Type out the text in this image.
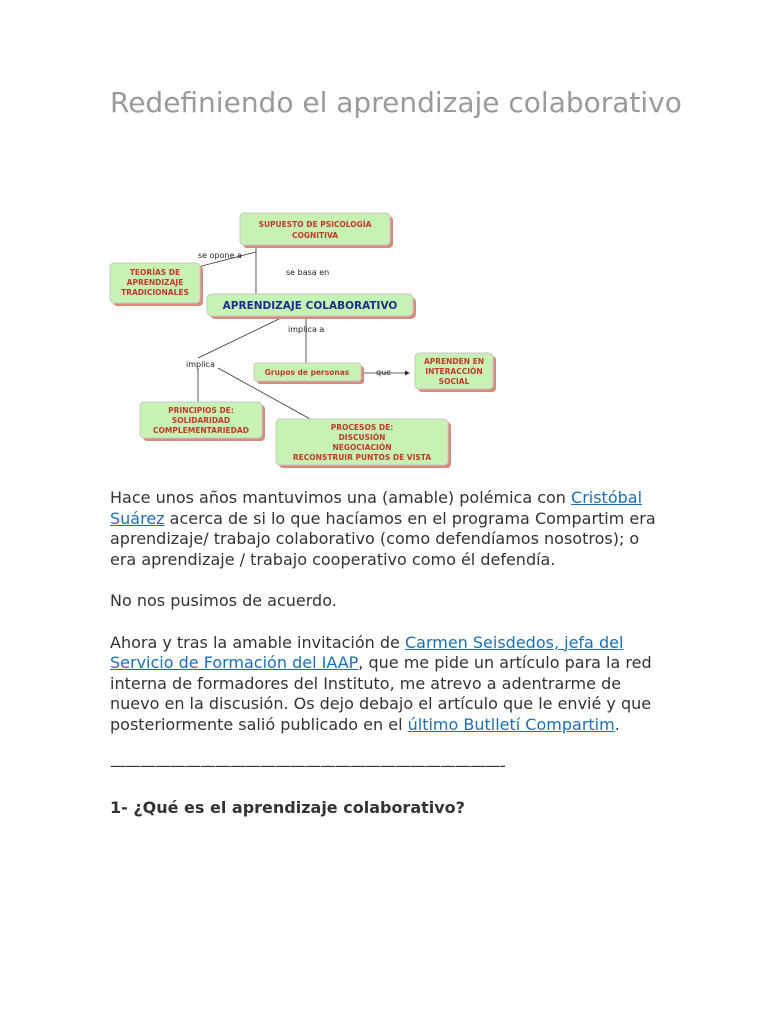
Redefiniendo el aprendizaje colaborativo
se opone a
se basa en
implica a
implica
que
SUPUESTO DE PSICOLOGÍA
COGNITIVA
TEORÍAS DE
APRENDIZAJE
TRADICIONALES
APRENDIZAJE COLABORATIVO
Grupos de personas
APRENDEN EN
INTERACCIÓN
SOCIAL
PRINCIPIOS DE:
SOLIDARIDAD
COMPLEMENTARIEDAD	PROCESOS DE:
DISCUSIÓN
NEGOCIACIÓN
RECONSTRUIR PUNTOS DE VISTA

Hace unos años mantuvimos una (amable) polémica con Cristóbal Suárez acerca de si lo que hacíamos en el programa Compartim era aprendizaje/ trabajo colaborativo (como defendíamos nosotros); o era aprendizaje / trabajo cooperativo como él defendía.

No nos pusimos de acuerdo.

Ahora y tras la amable invitación de Carmen Seisdedos, jefa del Servicio de Formación del IAAP, que me pide un artículo para la red interna de formadores del Instituto, me atrevo a adentrarme de nuevo en la discusión. Os dejo debajo el artículo que le envié y que posteriormente salió publicado en el último Butlletí Compartim.

——————————————————————————-

1- ¿Qué es el aprendizaje colaborativo?
